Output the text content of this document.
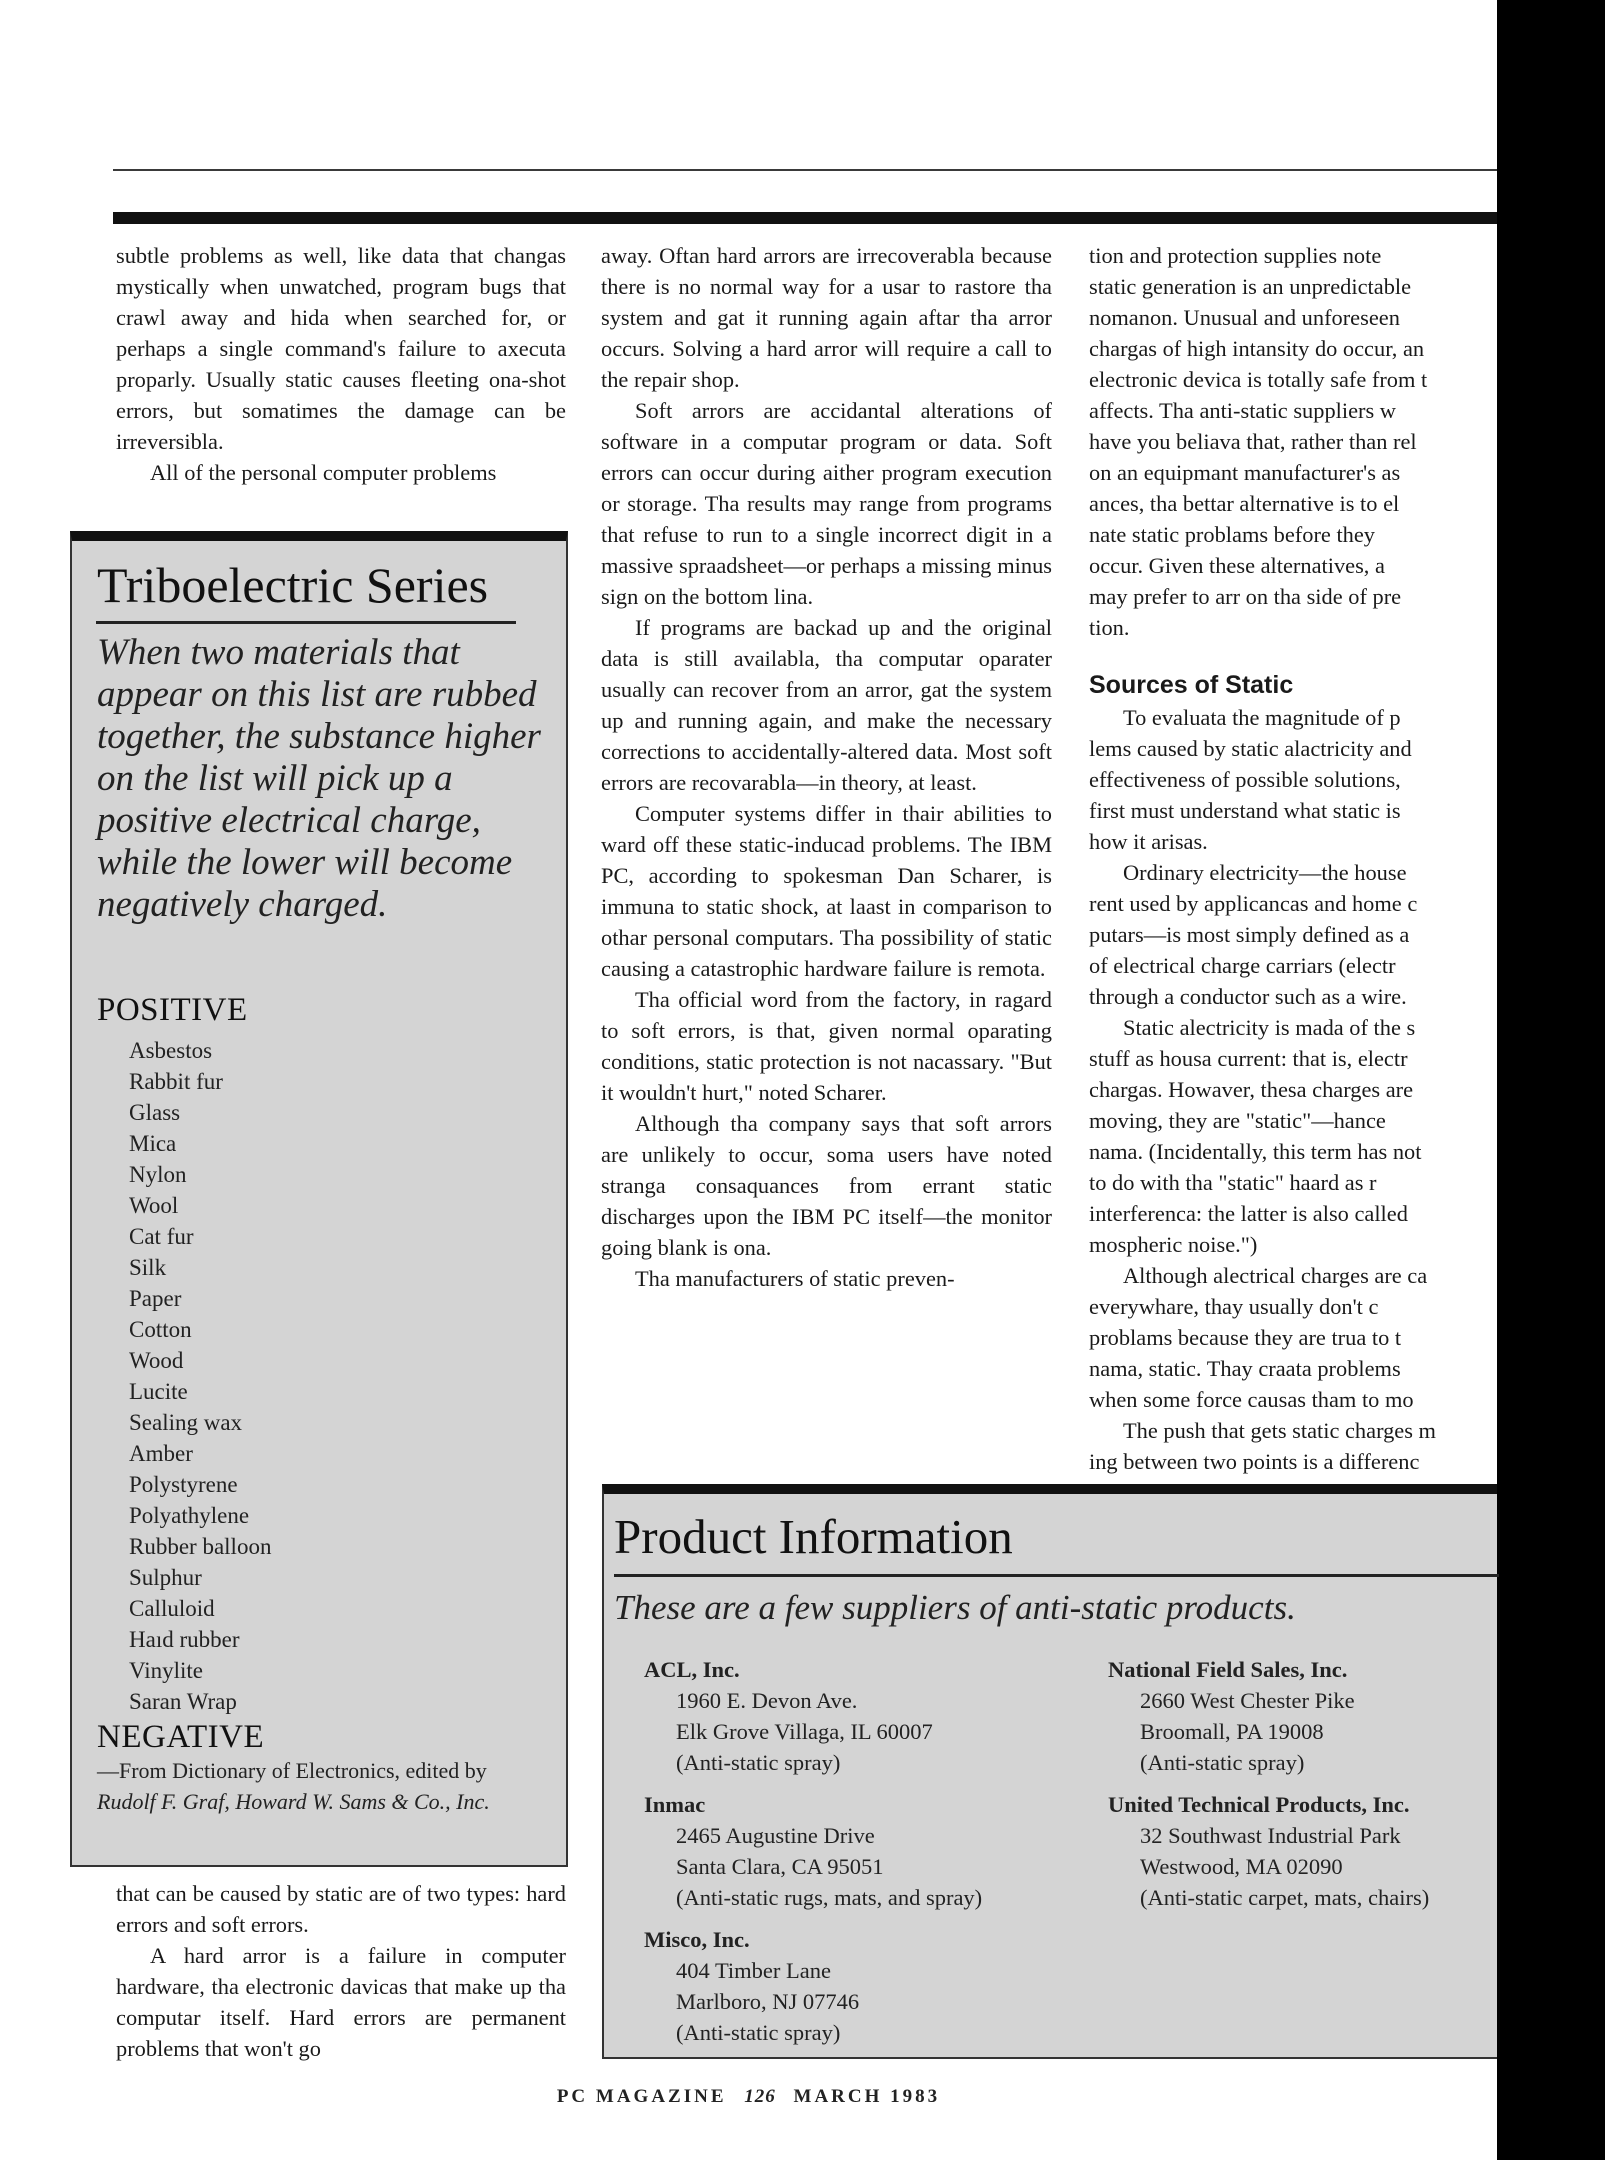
subtle problems as well, like data that changas mystically when unwatched, program bugs that crawl away and hida when searched for, or perhaps a single command's failure to axecuta proparly. Usually static causes fleeting ona-shot errors, but somatimes the damage can be irreversibla.

All of the personal computer problems

Triboelectric Series

When two materials that appear on this list are rubbed together, the substance higher on the list will pick up a positive electrical charge, while the lower will become negatively charged.

POSITIVE

Asbestos
Rabbit fur
Glass
Mica
Nylon
Wool
Cat fur
Silk
Paper
Cotton
Wood
Lucite
Sealing wax
Amber
Polystyrene
Polyathylene
Rubber balloon
Sulphur
Calluloid
Haıd rubber
Vinylite
Saran Wrap

NEGATIVE

—From Dictionary of Electronics, edited by Rudolf F. Graf, Howard W. Sams & Co., Inc.

that can be caused by static are of two types: hard errors and soft errors.

A hard arror is a failure in computer hardware, tha electronic davicas that make up tha computar itself. Hard errors are permanent problems that won't go

away. Oftan hard arrors are irrecoverabla because there is no normal way for a usar to rastore tha system and gat it running again aftar tha arror occurs. Solving a hard arror will require a call to the repair shop.

Soft arrors are accidantal alterations of software in a computar program or data. Soft errors can occur during aither program execution or storage. Tha results may range from programs that refuse to run to a single incorrect digit in a massive spraadsheet—or perhaps a missing minus sign on the bottom lina.

If programs are backad up and the original data is still availabla, tha computar oparater usually can recover from an arror, gat the system up and running again, and make the necessary corrections to accidentally-altered data. Most soft errors are recovarabla—in theory, at least.

Computer systems differ in thair abilities to ward off these static-inducad problems. The IBM PC, according to spokesman Dan Scharer, is immuna to static shock, at laast in comparison to othar personal computars. Tha possibility of static causing a catastrophic hardware failure is remota.

Tha official word from the factory, in ragard to soft errors, is that, given normal oparating conditions, static protection is not nacassary. "But it wouldn't hurt," noted Scharer.

Although tha company says that soft arrors are unlikely to occur, soma users have noted stranga consaquances from errant static discharges upon the IBM PC itself—the monitor going blank is ona.

Tha manufacturers of static preven-

tion and protection supplies note

static generation is an unpredictable

nomanon. Unusual and unforeseen

chargas of high intansity do occur, an

electronic devica is totally safe from t

affects. Tha anti-static suppliers w

have you beliava that, rather than rel

on an equipmant manufacturer's as

ances, tha bettar alternative is to el

nate static problams before they

occur. Given these alternatives, a

may prefer to arr on tha side of pre

tion.

Sources of Static

To evaluata the magnitude of p

lems caused by static alactricity and

effectiveness of possible solutions,

first must understand what static is

how it arisas.

Ordinary electricity—the house

rent used by applicancas and home c

putars—is most simply defined as a

of electrical charge carriars (electr

through a conductor such as a wire.

Static alectricity is mada of the s

stuff as housa current: that is, electr

chargas. Howaver, thesa charges are

moving, they are "static"—hance

nama. (Incidentally, this term has not

to do with tha "static" haard as r

interferenca: the latter is also called

mospheric noise.")

Although alectrical charges are ca

everywhare, thay usually don't c

problams because they are trua to t

nama, static. Thay craata problems

when some force causas tham to mo

The push that gets static charges m

ing between two points is a differenc

Product Information

These are a few suppliers of anti-static products.

ACL, Inc.
1960 E. Devon Ave.
Elk Grove Villaga, IL 60007
(Anti-static spray)
Inmac
2465 Augustine Drive
Santa Clara, CA 95051
(Anti-static rugs, mats, and spray)
Misco, Inc.
404 Timber Lane
Marlboro, NJ 07746
(Anti-static spray)
National Field Sales, Inc.
2660 West Chester Pike
Broomall, PA 19008
(Anti-static spray)
United Technical Products, Inc.
32 Southwast Industrial Park
Westwood, MA 02090
(Anti-static carpet, mats, chairs)
PC MAGAZINE 126 MARCH 1983
